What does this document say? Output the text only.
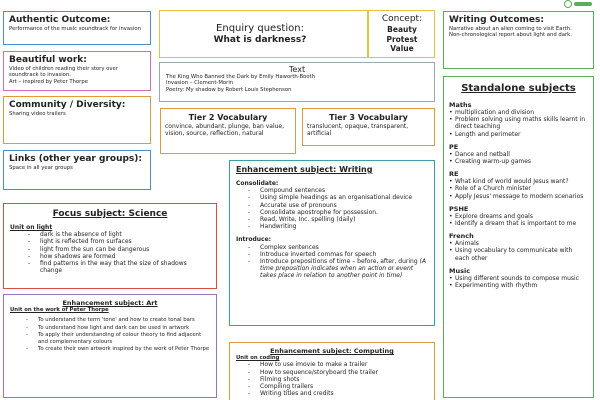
Authentic Outcome:
Performance of the music soundtrack for invasion
Beautiful work:
Video of children reading their story over soundtrack to invasion.
Art – inspired by Peter Thorpe
Community / Diversity:
Sharing video trailers
Links (other year groups):
Space in all year groups
Enquiry question:
What is darkness?
Concept:
Beauty
Protest
Value
Text
The King Who Banned the Dark by Emily Haworth-Booth
Invasion – Clement-Morin
Poetry: My shadow by Robert Louis Stephenson
Tier 2 Vocabulary
convince, abundant, plunge, ban value, vision, source, reflection, natural
Tier 3 Vocabulary
translucent, opaque, transparent, artificial
Writing Outcomes:
Narrative about an alien coming to visit Earth.
Non-chronological report about light and dark.
Standalone subjects
Maths
• multiplication and division
• Problem solving using maths skills learnt in direct teaching
• Length and perimeter
PE
• Dance and netball
• Creating warm-up games
RE
• What kind of world would Jesus want?
• Role of a Church minister
• Apply Jesus' message to modern scenarios
PSHE
• Explore dreams and goals
• Identify a dream that is important to me
French
• Animals
• Using vocabulary to communicate with each other
Music
• Using different sounds to compose music
• Experimenting with rhythm
Focus subject: Science
Unit on light
- dark is the absence of light
- light is reflected from surfaces
- light from the sun can be dangerous
- how shadows are formed
- find patterns in the way that the size of shadows change
Enhancement subject: Art
Unit on the work of Peter Thorpe
- To understand the term 'tone' and how to create tonal bars
- To understand how light and dark can be used in artwork
- To apply their understanding of colour theory to find adjacent and complementary colours
- To create their own artwork inspired by the work of Peter Thorpe
Enhancement subject: Writing
Consolidate:
- Compound sentences
- Using simple headings as an organisational device
- Accurate use of pronouns
- Consolidate apostrophe for possession.
- Read, Write, Inc. spelling (daily)
- Handwriting
Introduce:
- Complex sentences
- Introduce inverted commas for speech
- Introduce prepositions of time – before, after, during (A time preposition indicates when an action or event takes place in relation to another point in time)
Enhancement subject: Computing
Unit on coding
- How to use imovie to make a trailer
- How to sequence/storyboard the trailer
- Filming shots
- Compiling trailers
- Writing titles and credits
